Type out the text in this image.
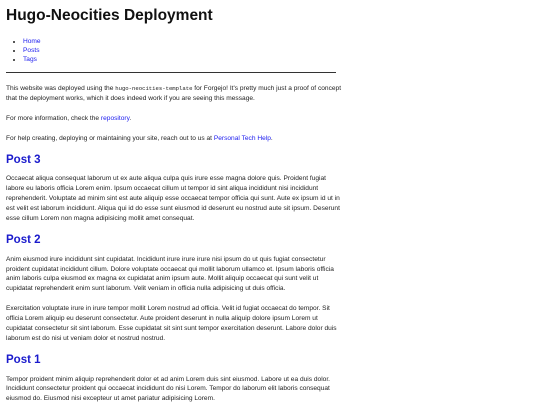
Hugo-Neocities Deployment
• Home
• Posts
• Tags

This website was deployed using the hugo-neocities-template for Forgejo! It's pretty much just a proof of concept that the deployment works, which it does indeed work if you are seeing this message.

For more information, check the repository.

For help creating, deploying or maintaining your site, reach out to us at Personal Tech Help.

Post 3

Occaecat aliqua consequat laborum ut ex aute aliqua culpa quis irure esse magna dolore quis. Proident fugiat labore eu laboris officia Lorem enim. Ipsum occaecat cillum ut tempor id sint aliqua incididunt nisi incididunt reprehenderit. Voluptate ad minim sint est aute aliquip esse occaecat tempor officia qui sunt. Aute ex ipsum id ut in est velit est laborum incididunt. Aliqua qui id do esse sunt eiusmod id deserunt eu nostrud aute sit ipsum. Deserunt esse cillum Lorem non magna adipisicing mollit amet consequat.

Post 2

Anim eiusmod irure incididunt sint cupidatat. Incididunt irure irure irure nisi ipsum do ut quis fugiat consectetur proident cupidatat incididunt cillum. Dolore voluptate occaecat qui mollit laborum ullamco et. Ipsum laboris officia anim laboris culpa eiusmod ex magna ex cupidatat anim ipsum aute. Mollit aliquip occaecat qui sunt velit ut cupidatat reprehenderit enim sunt laborum. Velit veniam in officia nulla adipisicing ut duis officia.

Exercitation voluptate irure in irure tempor mollit Lorem nostrud ad officia. Velit id fugiat occaecat do tempor. Sit officia Lorem aliquip eu deserunt consectetur. Aute proident deserunt in nulla aliquip dolore ipsum Lorem ut cupidatat consectetur sit sint laborum. Esse cupidatat sit sint sunt tempor exercitation deserunt. Labore dolor duis laborum est do nisi ut veniam dolor et nostrud nostrud.

Post 1

Tempor proident minim aliquip reprehenderit dolor et ad anim Lorem duis sint eiusmod. Labore ut ea duis dolor. Incididunt consectetur proident qui occaecat incididunt do nisi Lorem. Tempor do laborum elit laboris consequat eiusmod do. Eiusmod nisi excepteur ut amet pariatur adipisicing Lorem.
